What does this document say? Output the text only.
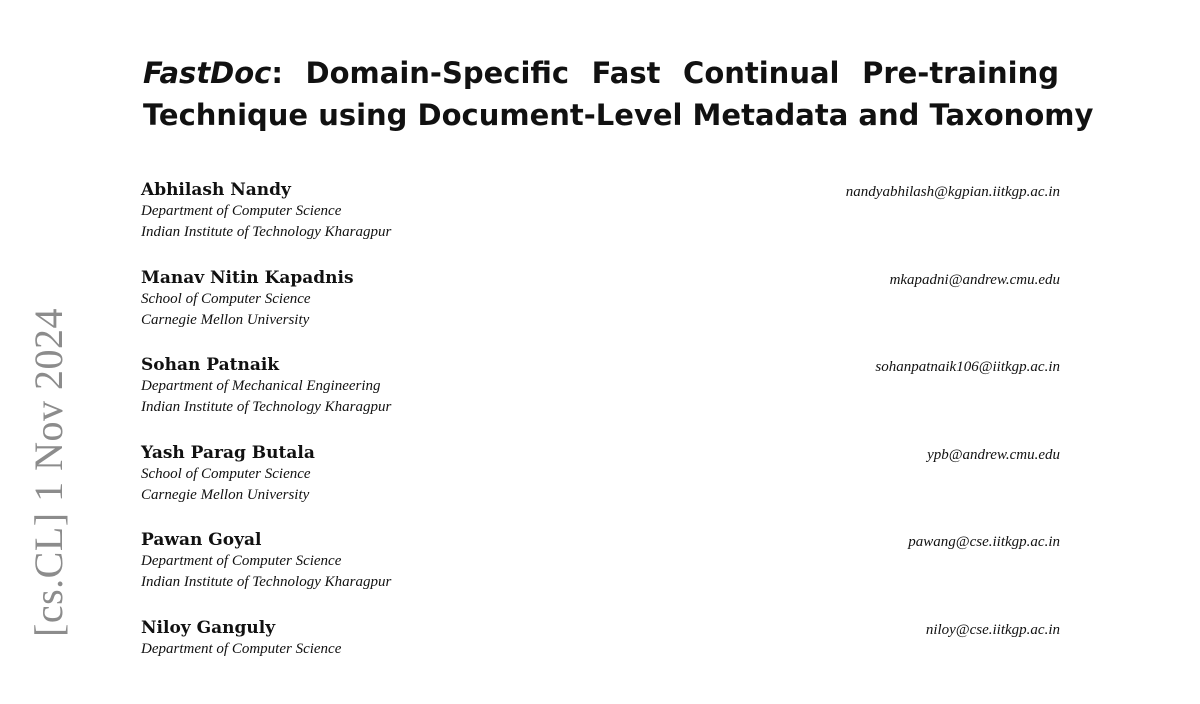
FastDoc: Domain-Specific Fast Continual Pre-training
Technique using Document-Level Metadata and Taxonomy
Abhilash Nandy
Department of Computer Science
Indian Institute of Technology Kharagpur
nandyabhilash@kgpian.iitkgp.ac.in
Manav Nitin Kapadnis
School of Computer Science
Carnegie Mellon University
mkapadni@andrew.cmu.edu
Sohan Patnaik
Department of Mechanical Engineering
Indian Institute of Technology Kharagpur
sohanpatnaik106@iitkgp.ac.in
Yash Parag Butala
School of Computer Science
Carnegie Mellon University
ypb@andrew.cmu.edu
Pawan Goyal
Department of Computer Science
Indian Institute of Technology Kharagpur
pawang@cse.iitkgp.ac.in
Niloy Ganguly
Department of Computer Science
niloy@cse.iitkgp.ac.in
[cs.CL] 1 Nov 2024
